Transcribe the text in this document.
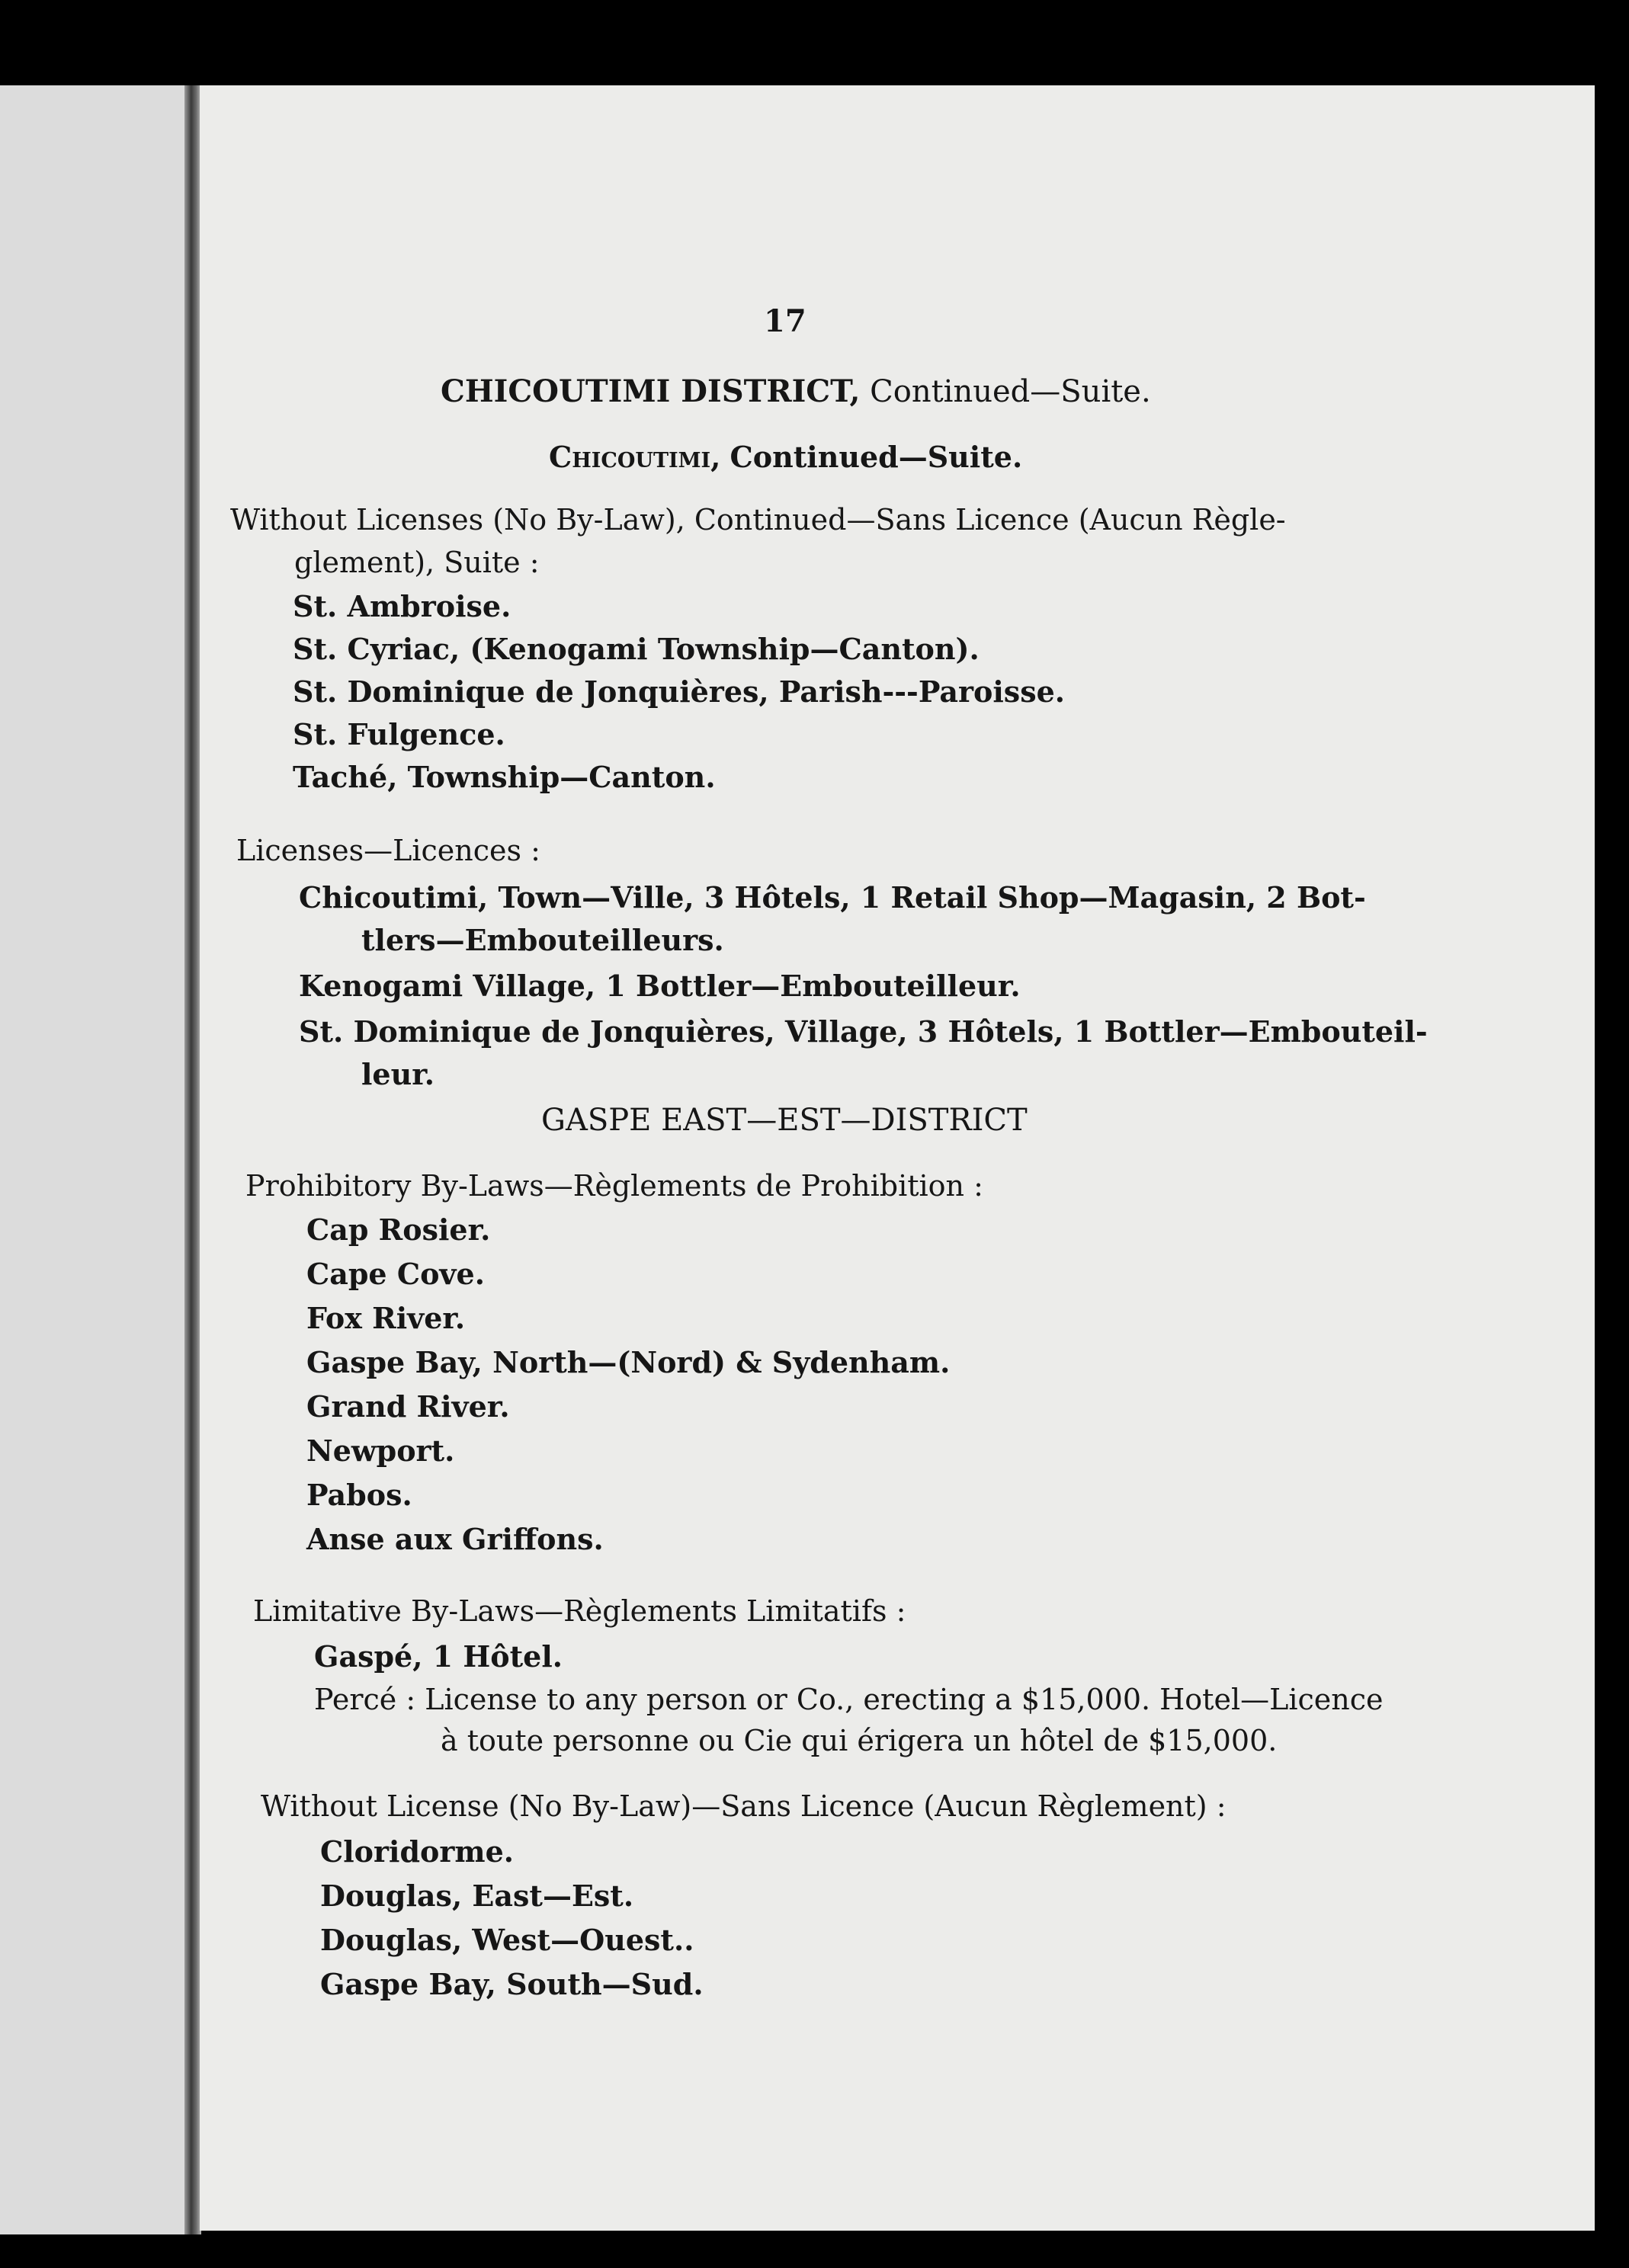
17
CHICOUTIMI DISTRICT, Continued—Suite.
Chicoutimi, Continued—Suite.
Without Licenses (No By-Law), Continued—Sans Licence (Aucun Règle-
glement), Suite :
St. Ambroise.
St. Cyriac, (Kenogami Township—Canton).
St. Dominique de Jonquières, Parish---Paroisse.
St. Fulgence.
Taché, Township—Canton.
Licenses—Licences :
Chicoutimi, Town—Ville, 3 Hôtels, 1 Retail Shop—Magasin, 2 Bot-
tlers—Embouteilleurs.
Kenogami Village, 1 Bottler—Embouteilleur.
St. Dominique de Jonquières, Village, 3 Hôtels, 1 Bottler—Embouteil-
leur.
GASPE EAST—EST—DISTRICT
Prohibitory By-Laws—Règlements de Prohibition :
Cap Rosier.
Cape Cove.
Fox River.
Gaspe Bay, North—(Nord) & Sydenham.
Grand River.
Newport.
Pabos.
Anse aux Griffons.
Limitative By-Laws—Règlements Limitatifs :
Gaspé, 1 Hôtel.
Percé : License to any person or Co., erecting a $15,000. Hotel—Licence
à toute personne ou Cie qui érigera un hôtel de $15,000.
Without License (No By-Law)—Sans Licence (Aucun Règlement) :
Cloridorme.
Douglas, East—Est.
Douglas, West—Ouest..
Gaspe Bay, South—Sud.
